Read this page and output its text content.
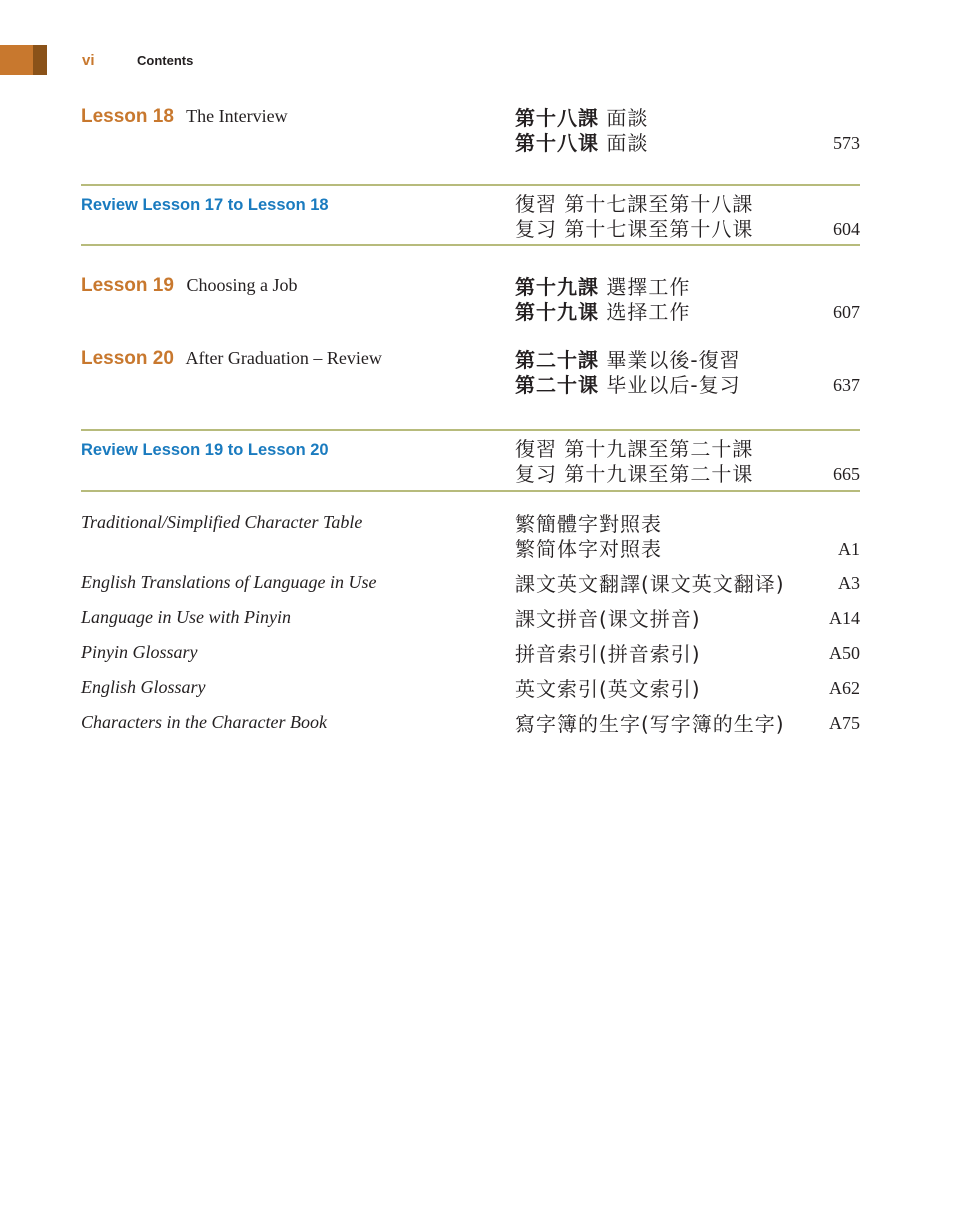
vi	Contents
Lesson 18 The Interview	第十八課 面談
第十八课 面談	573
Review Lesson 17 to Lesson 18	復習 第十七課至第十八課
复习 第十七课至第十八课	604
Lesson 19 Choosing a Job	第十九課 選擇工作
第十九课 选择工作	607
Lesson 20 After Graduation – Review	第二十課 畢業以後-復習
第二十课 毕业以后-复习	637
Review Lesson 19 to Lesson 20	復習 第十九課至第二十課
复习 第十九课至第二十课	665
Traditional/Simplified Character Table	繁簡體字對照表
繁简体字对照表	A1
English Translations of Language in Use	課文英文翻譯(课文英文翻译)	A3
Language in Use with Pinyin	課文拼音(课文拼音)	A14
Pinyin Glossary	拼音索引(拼音索引)	A50
English Glossary	英文索引(英文索引)	A62
Characters in the Character Book	寫字簿的生字(写字簿的生字) A75
